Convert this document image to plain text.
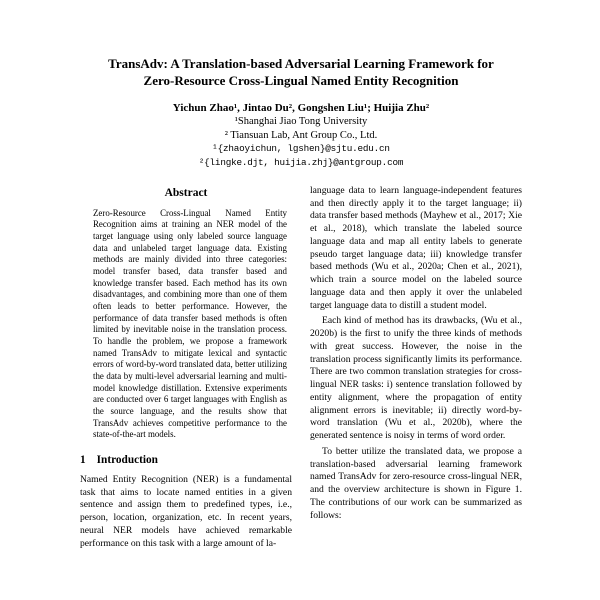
TransAdv: A Translation-based Adversarial Learning Framework for
Zero-Resource Cross-Lingual Named Entity Recognition
Yichun Zhao¹, Jintao Du², Gongshen Liu¹; Huijia Zhu²
¹Shanghai Jiao Tong University
² Tiansuan Lab, Ant Group Co., Ltd.
¹{zhaoyichun, lgshen}@sjtu.edu.cn
²{lingke.djt, huijia.zhj}@antgroup.com
Abstract

Zero-Resource Cross-Lingual Named Entity Recognition aims at training an NER model of the target language using only labeled source language data and unlabeled target language data. Existing methods are mainly divided into three categories: model transfer based, data transfer based and knowledge transfer based. Each method has its own disadvantages, and combining more than one of them often leads to better performance. However, the performance of data transfer based methods is often limited by inevitable noise in the translation process. To handle the problem, we propose a framework named TransAdv to mitigate lexical and syntactic errors of word-by-word translated data, better utilizing the data by multi-level adversarial learning and multi-model knowledge distillation. Extensive experiments are conducted over 6 target languages with English as the source language, and the results show that TransAdv achieves competitive performance to the state-of-the-art models.

1 Introduction

Named Entity Recognition (NER) is a fundamental task that aims to locate named entities in a given sentence and assign them to predefined types, i.e., person, location, organization, etc. In recent years, neural NER models have achieved remarkable performance on this task with a large amount of la-

language data to learn language-independent features and then directly apply it to the target language; ii) data transfer based methods (Mayhew et al., 2017; Xie et al., 2018), which translate the labeled source language data and map all entity labels to generate pseudo target language data; iii) knowledge transfer based methods (Wu et al., 2020a; Chen et al., 2021), which train a source model on the labeled source language data and then apply it over the unlabeled target language data to distill a student model.

Each kind of method has its drawbacks, (Wu et al., 2020b) is the first to unify the three kinds of methods with great success. However, the noise in the translation process significantly limits its performance. There are two common translation strategies for cross-lingual NER tasks: i) sentence translation followed by entity alignment, where the propagation of entity alignment errors is inevitable; ii) directly word-by-word translation (Wu et al., 2020b), where the generated sentence is noisy in terms of word order.

To better utilize the translated data, we propose a translation-based adversarial learning framework named TransAdv for zero-resource cross-lingual NER, and the overview architecture is shown in Figure 1. The contributions of our work can be summarized as follows:
